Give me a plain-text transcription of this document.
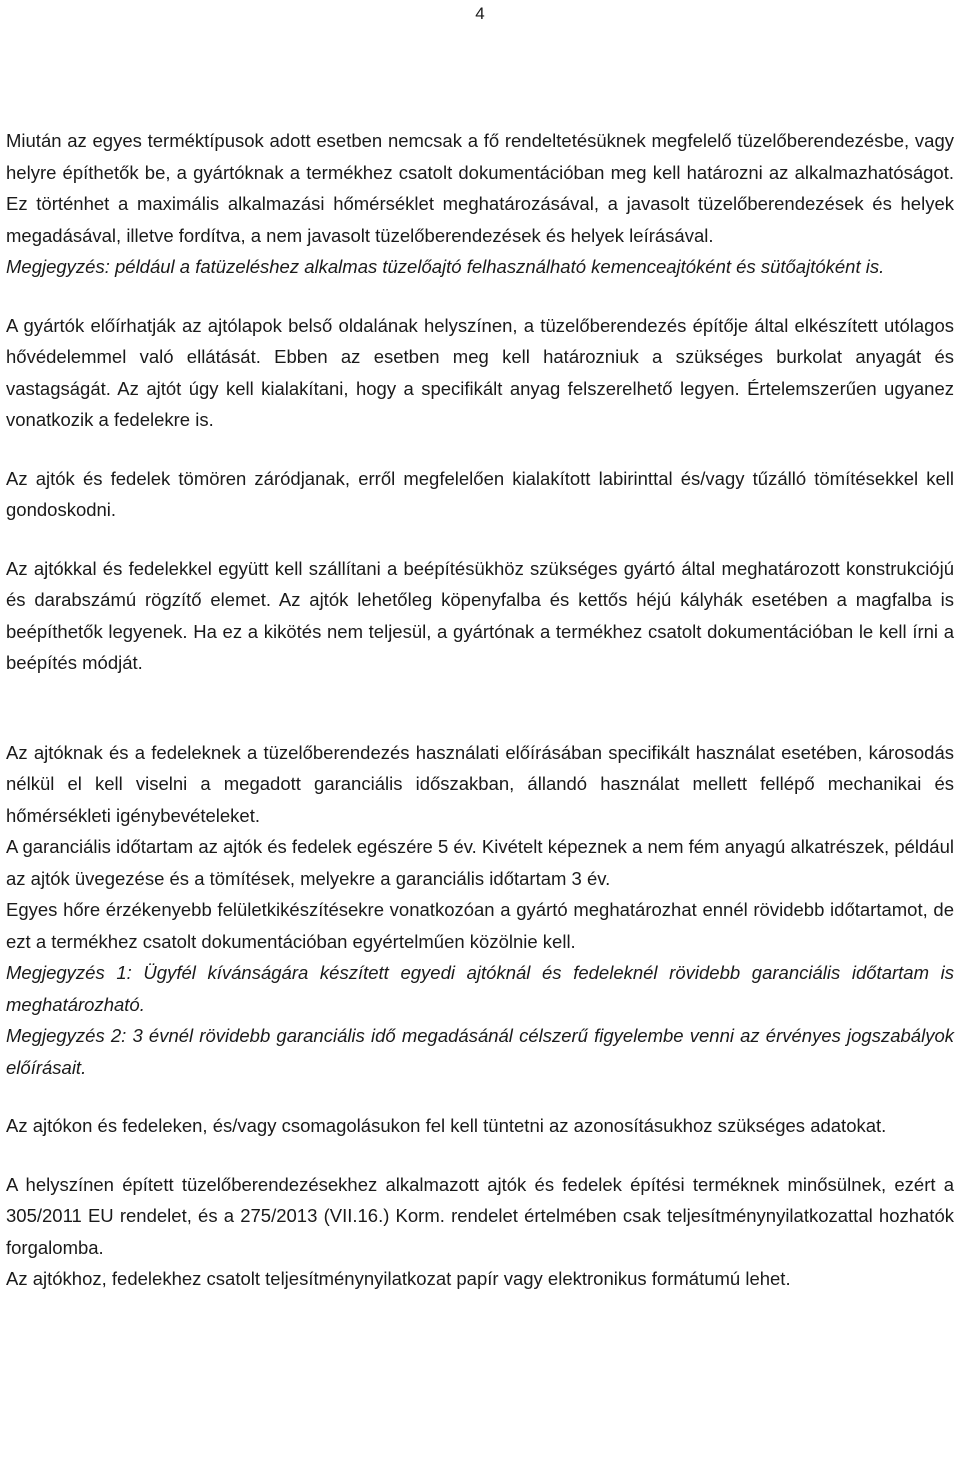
4

Miután az egyes terméktípusok adott esetben nemcsak a fő rendeltetésüknek megfelelő tüzelőberendezésbe, vagy helyre építhetők be, a gyártóknak a termékhez csatolt dokumentációban meg kell határozni az alkalmazhatóságot. Ez történhet a maximális alkalmazási hőmérséklet meghatározásával, a javasolt tüzelőberendezések és helyek megadásával, illetve fordítva, a nem javasolt tüzelőberendezések és helyek leírásával.

Megjegyzés: például a fatüzeléshez alkalmas tüzelőajtó felhasználható kemenceajtóként és sütőajtóként is.

A gyártók előírhatják az ajtólapok belső oldalának helyszínen, a tüzelőberendezés építője által elkészített utólagos hővédelemmel való ellátását. Ebben az esetben meg kell határozniuk a szükséges burkolat anyagát és vastagságát. Az ajtót úgy kell kialakítani, hogy a specifikált anyag felszerelhető legyen. Értelemszerűen ugyanez vonatkozik a fedelekre is.

Az ajtók és fedelek tömören záródjanak, erről megfelelően kialakított labirinttal és/vagy tűzálló tömítésekkel kell gondoskodni.

Az ajtókkal és fedelekkel együtt kell szállítani a beépítésükhöz szükséges gyártó által meghatározott konstrukciójú és darabszámú rögzítő elemet. Az ajtók lehetőleg köpenyfalba és kettős héjú kályhák esetében a magfalba is beépíthetők legyenek. Ha ez a kikötés nem teljesül, a gyártónak a termékhez csatolt dokumentációban le kell írni a beépítés módját.

Az ajtóknak és a fedeleknek a tüzelőberendezés használati előírásában specifikált használat esetében, károsodás nélkül el kell viselni a megadott garanciális időszakban, állandó használat mellett fellépő mechanikai és hőmérsékleti igénybevételeket.

A garanciális időtartam az ajtók és fedelek egészére 5 év. Kivételt képeznek a nem fém anyagú alkatrészek, például az ajtók üvegezése és a tömítések, melyekre a garanciális időtartam 3 év.

Egyes hőre érzékenyebb felületkikészítésekre vonatkozóan a gyártó meghatározhat ennél rövidebb időtartamot, de ezt a termékhez csatolt dokumentációban egyértelműen közölnie kell.

Megjegyzés 1: Ügyfél kívánságára készített egyedi ajtóknál és fedeleknél rövidebb garanciális időtartam is meghatározható.

Megjegyzés 2: 3 évnél rövidebb garanciális idő megadásánál célszerű figyelembe venni az érvényes jogszabályok előírásait.

Az ajtókon és fedeleken, és/vagy csomagolásukon fel kell tüntetni az azonosításukhoz szükséges adatokat.

A helyszínen épített tüzelőberendezésekhez alkalmazott ajtók és fedelek építési terméknek minősülnek, ezért a 305/2011 EU rendelet, és a 275/2013 (VII.16.) Korm. rendelet értelmében csak teljesítménynyilatkozattal hozhatók forgalomba.

Az ajtókhoz, fedelekhez csatolt teljesítménynyilatkozat papír vagy elektronikus formátumú lehet.
